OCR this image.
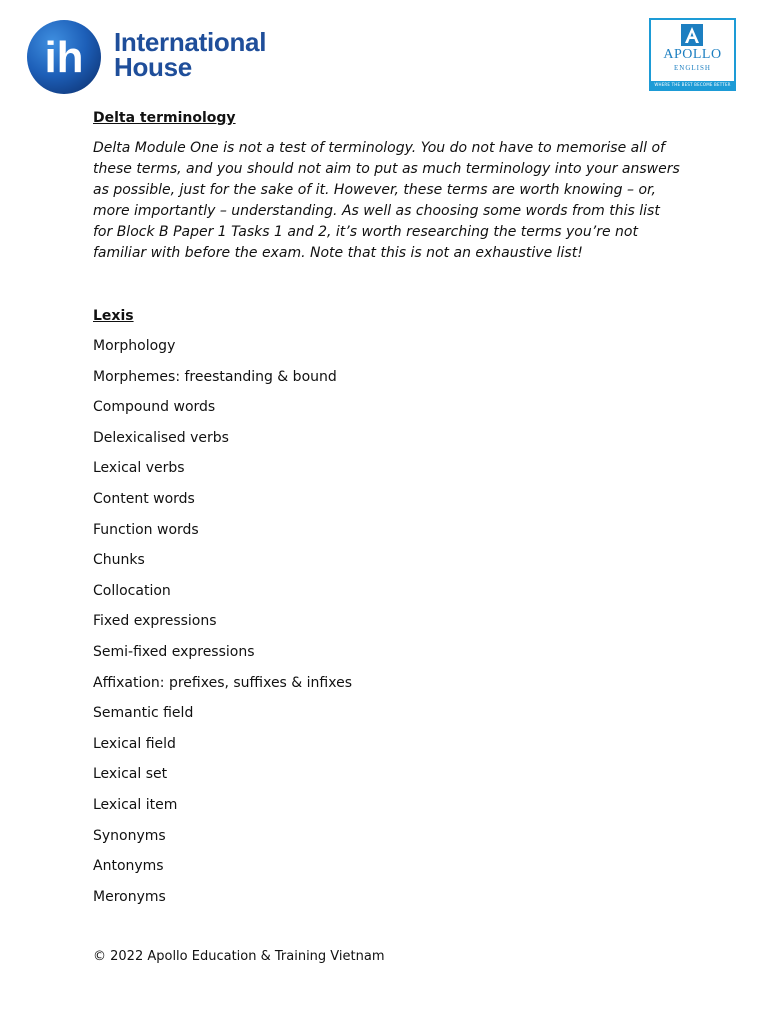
ih International
House	APOLLO
ENGLISH
WHERE THE BEST BECOME BETTER

Delta terminology

Delta Module One is not a test of terminology. You do not have to memorise all of these terms, and you should not aim to put as much terminology into your answers as possible, just for the sake of it. However, these terms are worth knowing – or, more importantly – understanding. As well as choosing some words from this list for Block B Paper 1 Tasks 1 and 2, it’s worth researching the terms you’re not familiar with before the exam. Note that this is not an exhaustive list!

Lexis

Morphology
Morphemes: freestanding & bound
Compound words
Delexicalised verbs
Lexical verbs
Content words
Function words
Chunks
Collocation
Fixed expressions
Semi-fixed expressions
Affixation: prefixes, suffixes & infixes
Semantic field
Lexical field
Lexical set
Lexical item
Synonyms
Antonyms
Meronyms
© 2022 Apollo Education & Training Vietnam
